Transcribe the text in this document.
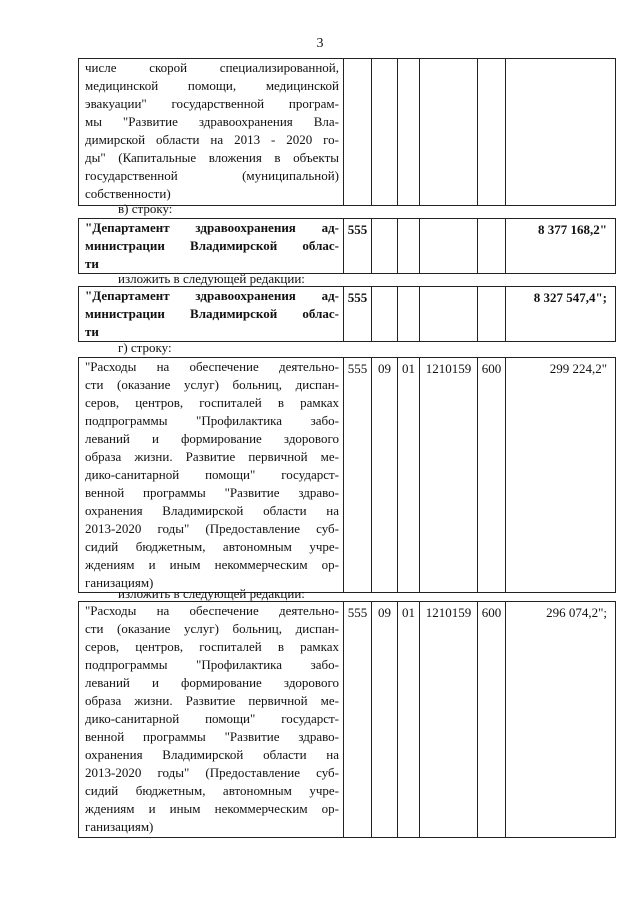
3
числе скорой специализированной,
медицинской помощи, медицинской
эвакуации" государственной програм-
мы "Развитие здравоохранения Вла-
димирской области на 2013 - 2020 го-
ды" (Капитальные вложения в объекты
государственной (муниципальной)
собственности)

в) строку:
"Департамент здравоохранения ад-
министрации Владимирской облас-
ти
	555					8 377 168,2"
изложить в следующей редакции:
"Департамент здравоохранения ад-
министрации Владимирской облас-
ти
	555					8 327 547,4";
г) строку:
"Расходы на обеспечение деятельно-
сти (оказание услуг) больниц, диспан-
серов, центров, госпиталей в рамках
подпрограммы "Профилактика забо-
леваний и формирование здорового
образа жизни. Развитие первичной ме-
дико-санитарной помощи" государст-
венной программы "Развитие здраво-
охранения Владимирской области на
2013-2020 годы" (Предоставление суб-
сидий бюджетным, автономным учре-
ждениям и иным некоммерческим ор-
ганизациям)
	555	09	01	1210159	600	299 224,2"
изложить в следующей редакции:
"Расходы на обеспечение деятельно-
сти (оказание услуг) больниц, диспан-
серов, центров, госпиталей в рамках
подпрограммы "Профилактика забо-
леваний и формирование здорового
образа жизни. Развитие первичной ме-
дико-санитарной помощи" государст-
венной программы "Развитие здраво-
охранения Владимирской области на
2013-2020 годы" (Предоставление суб-
сидий бюджетным, автономным учре-
ждениям и иным некоммерческим ор-
ганизациям)
	555	09	01	1210159	600	296 074,2";
